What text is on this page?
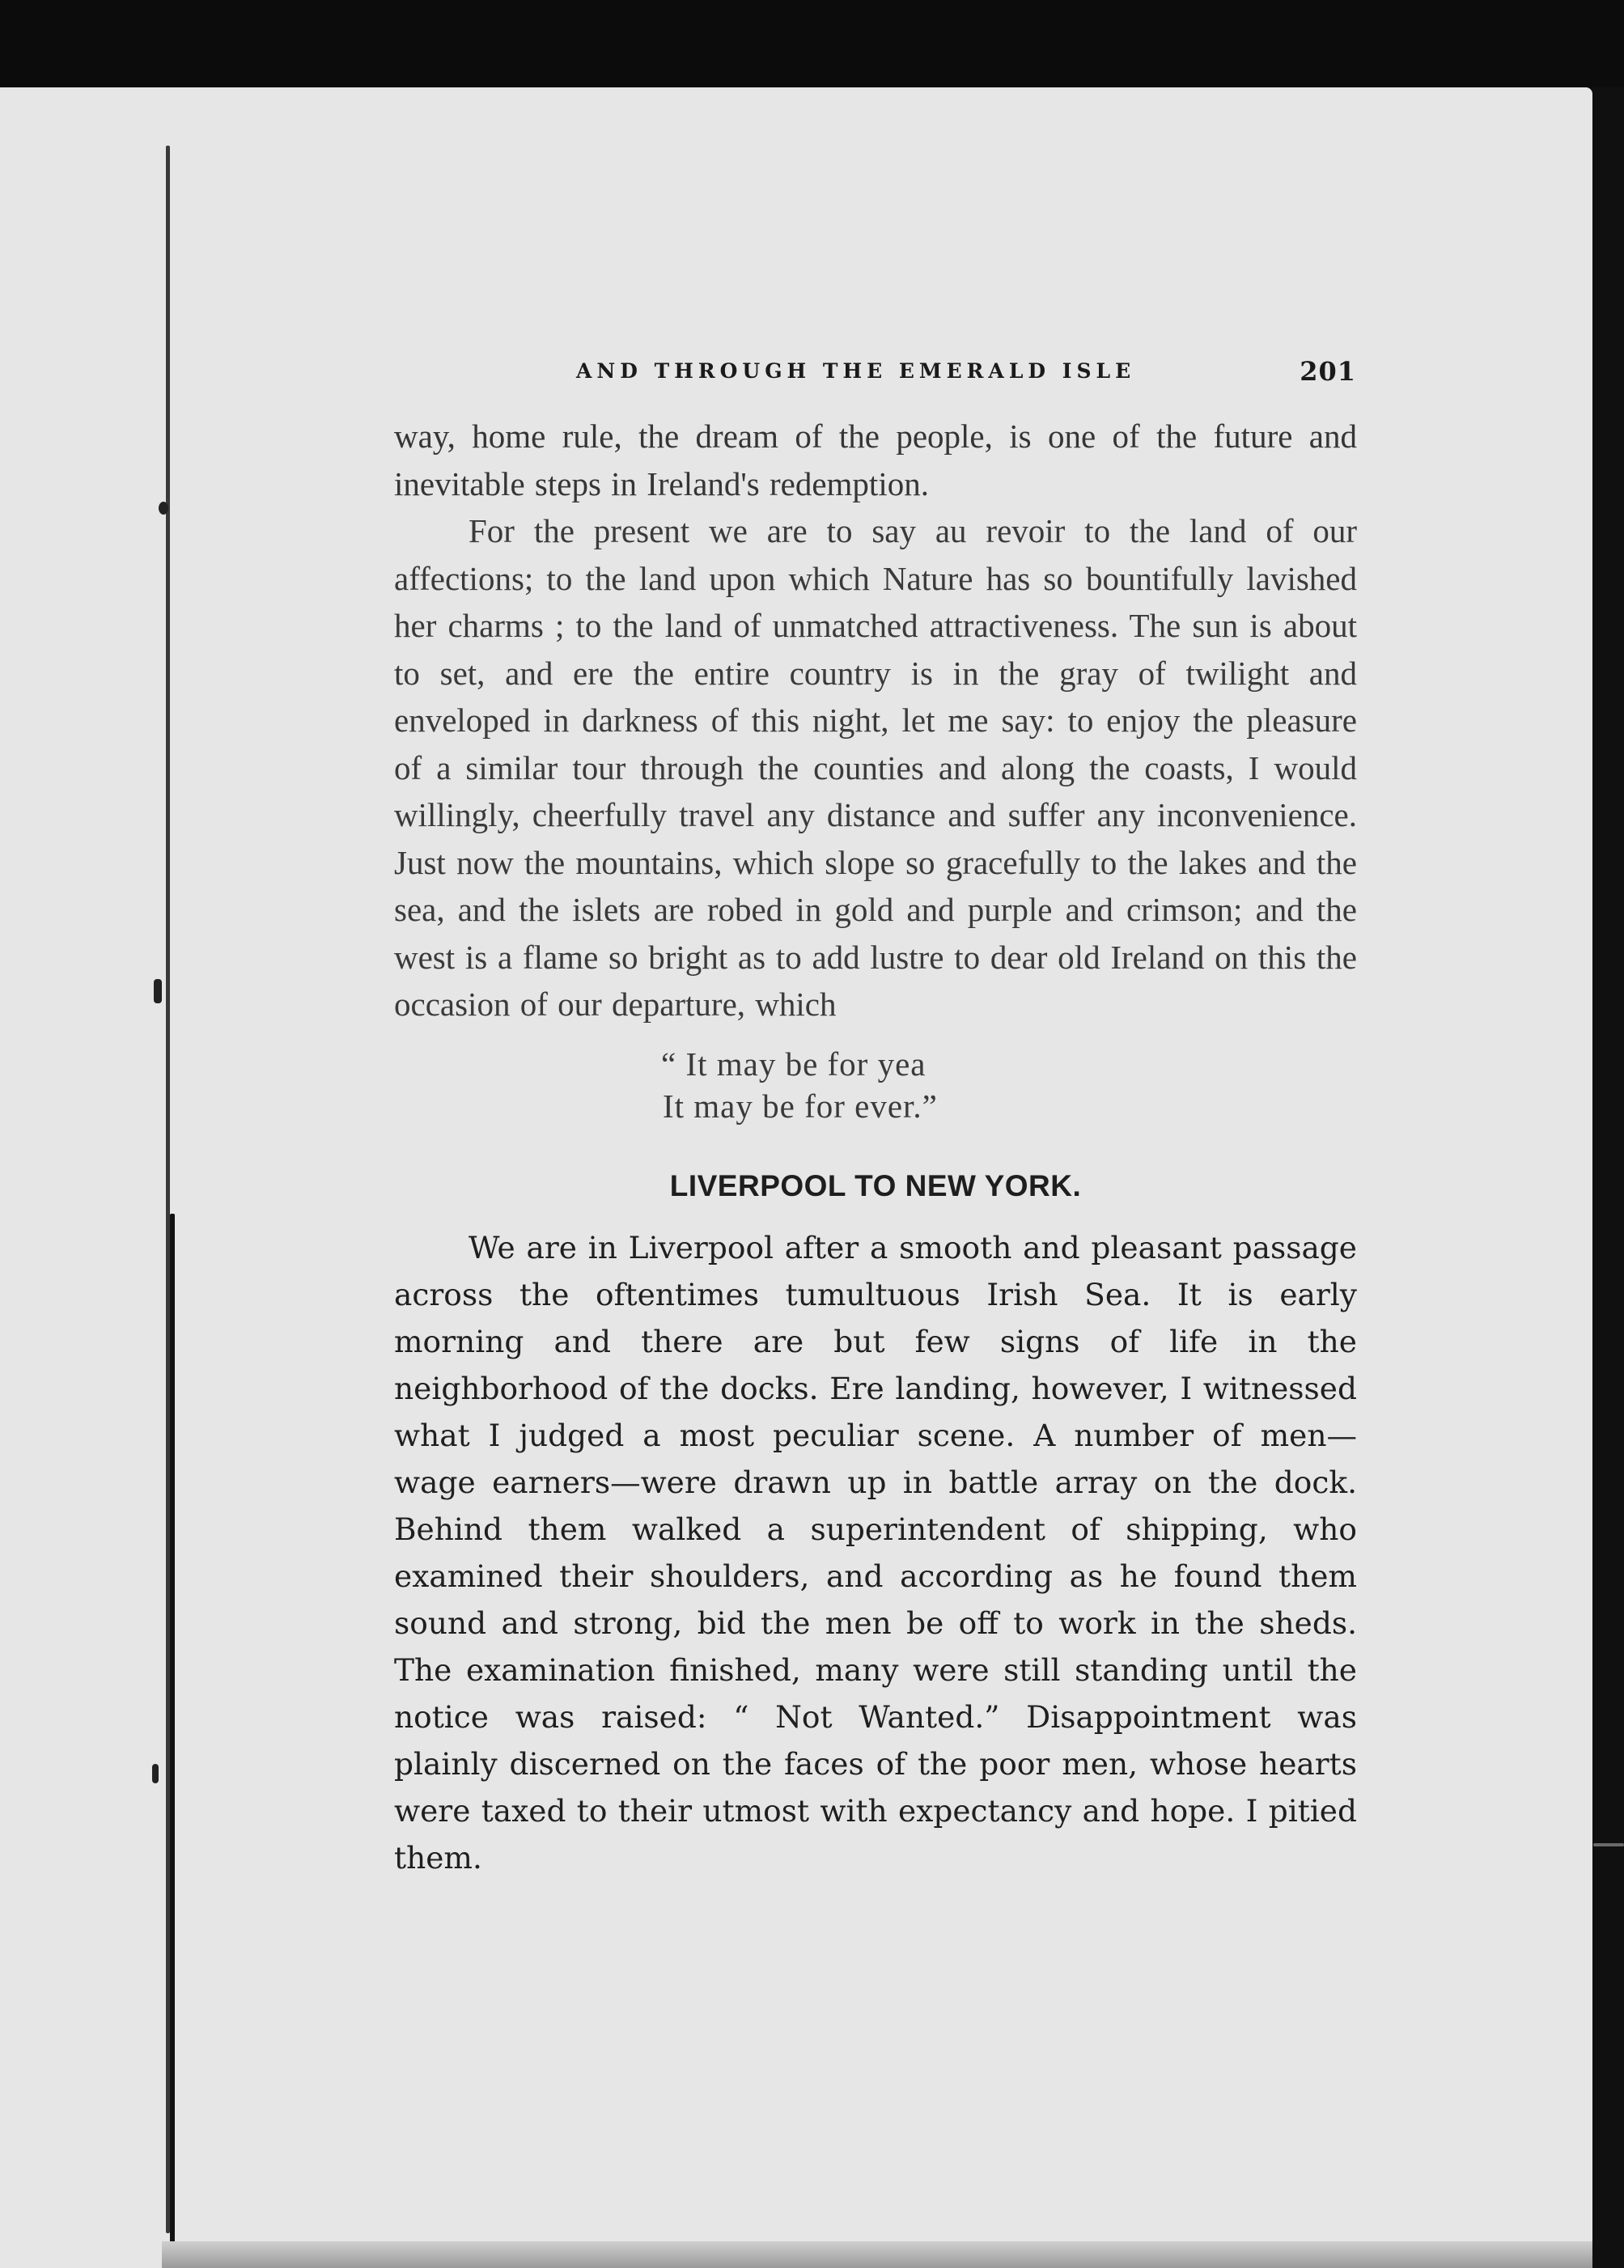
AND THROUGH THE EMERALD ISLE	201

way, home rule, the dream of the people, is one of the future and inevitable steps in Ireland's redemption.

For the present we are to say au revoir to the land of our affections; to the land upon which Nature has so bountifully lavished her charms ; to the land of unmatched attractiveness. The sun is about to set, and ere the entire country is in the gray of twilight and enveloped in darkness of this night, let me say: to enjoy the pleasure of a similar tour through the counties and along the coasts, I would willingly, cheerfully travel any distance and suffer any inconvenience. Just now the mountains, which slope so gracefully to the lakes and the sea, and the islets are robed in gold and purple and crimson; and the west is a flame so bright as to add lustre to dear old Ireland on this the occasion of our departure, which

“ It may be for yea
It may be for ever.”
LIVERPOOL TO NEW YORK.

We are in Liverpool after a smooth and pleasant passage across the oftentimes tumultuous Irish Sea. It is early morning and there are but few signs of life in the neighborhood of the docks. Ere landing, however, I witnessed what I judged a most peculiar scene. A number of men—wage earners—were drawn up in battle array on the dock. Behind them walked a superintendent of shipping, who examined their shoulders, and according as he found them sound and strong, bid the men be off to work in the sheds. The examination finished, many were still standing until the notice was raised: “ Not Wanted.” Disappointment was plainly discerned on the faces of the poor men, whose hearts were taxed to their utmost with expectancy and hope. I pitied them.
